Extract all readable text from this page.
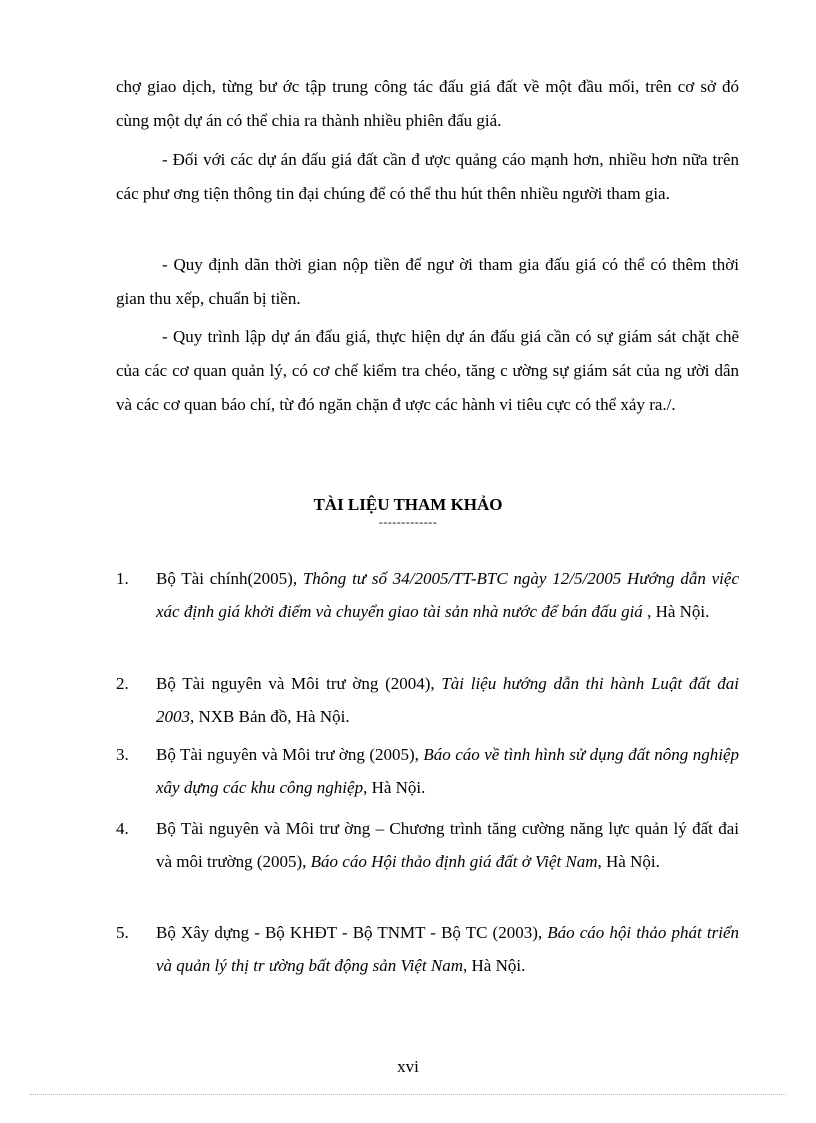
chợ giao dịch, từng bư ớc tập trung công tác đấu giá đất về một đầu mối, trên cơ sở đó cùng một dự án có thể chia ra thành nhiều phiên đấu giá.

- Đối với các dự án đấu giá đất cần đ ược quảng cáo mạnh hơn, nhiều hơn nữa trên các phư ơng tiện thông tin đại chúng để có thể thu hút thên nhiều người tham gia.

- Quy định dãn thời gian nộp tiền để ngư ời tham gia đấu giá có thể có thêm thời gian thu xếp, chuẩn bị tiền.

- Quy trình lập dự án đấu giá, thực hiện dự án đấu giá cần có sự giám sát chặt chẽ của các cơ quan quản lý, có cơ chế kiểm tra chéo, tăng c ường sự giám sát của ng ười dân và các cơ quan báo chí, từ đó ngăn chặn đ ược các hành vi tiêu cực có thể xảy ra./.

TÀI LIỆU THAM KHẢO
-------------
1.	Bộ Tài chính(2005), Thông tư số 34/2005/TT-BTC ngày 12/5/2005 Hướng dẫn việc xác định giá khởi điểm và chuyển giao tài sản nhà nước để bán đấu giá , Hà Nội.
2.	Bộ Tài nguyên và Môi trư ờng (2004), Tài liệu hướng dẫn thi hành Luật đất đai 2003, NXB Bản đồ, Hà Nội.
3.	Bộ Tài nguyên và Môi trư ờng (2005), Báo cáo về tình hình sử dụng đất nông nghiệp xây dựng các khu công nghiệp, Hà Nội.
4.	Bộ Tài nguyên và Môi trư ờng – Chương trình tăng cường năng lực quản lý đất đai và môi trường (2005), Báo cáo Hội thảo định giá đất ở Việt Nam, Hà Nội.
5.	Bộ Xây dựng - Bộ KHĐT - Bộ TNMT - Bộ TC (2003), Báo cáo hội thảo phát triển và quản lý thị tr ường bất động sản Việt Nam, Hà Nội.
xvi
